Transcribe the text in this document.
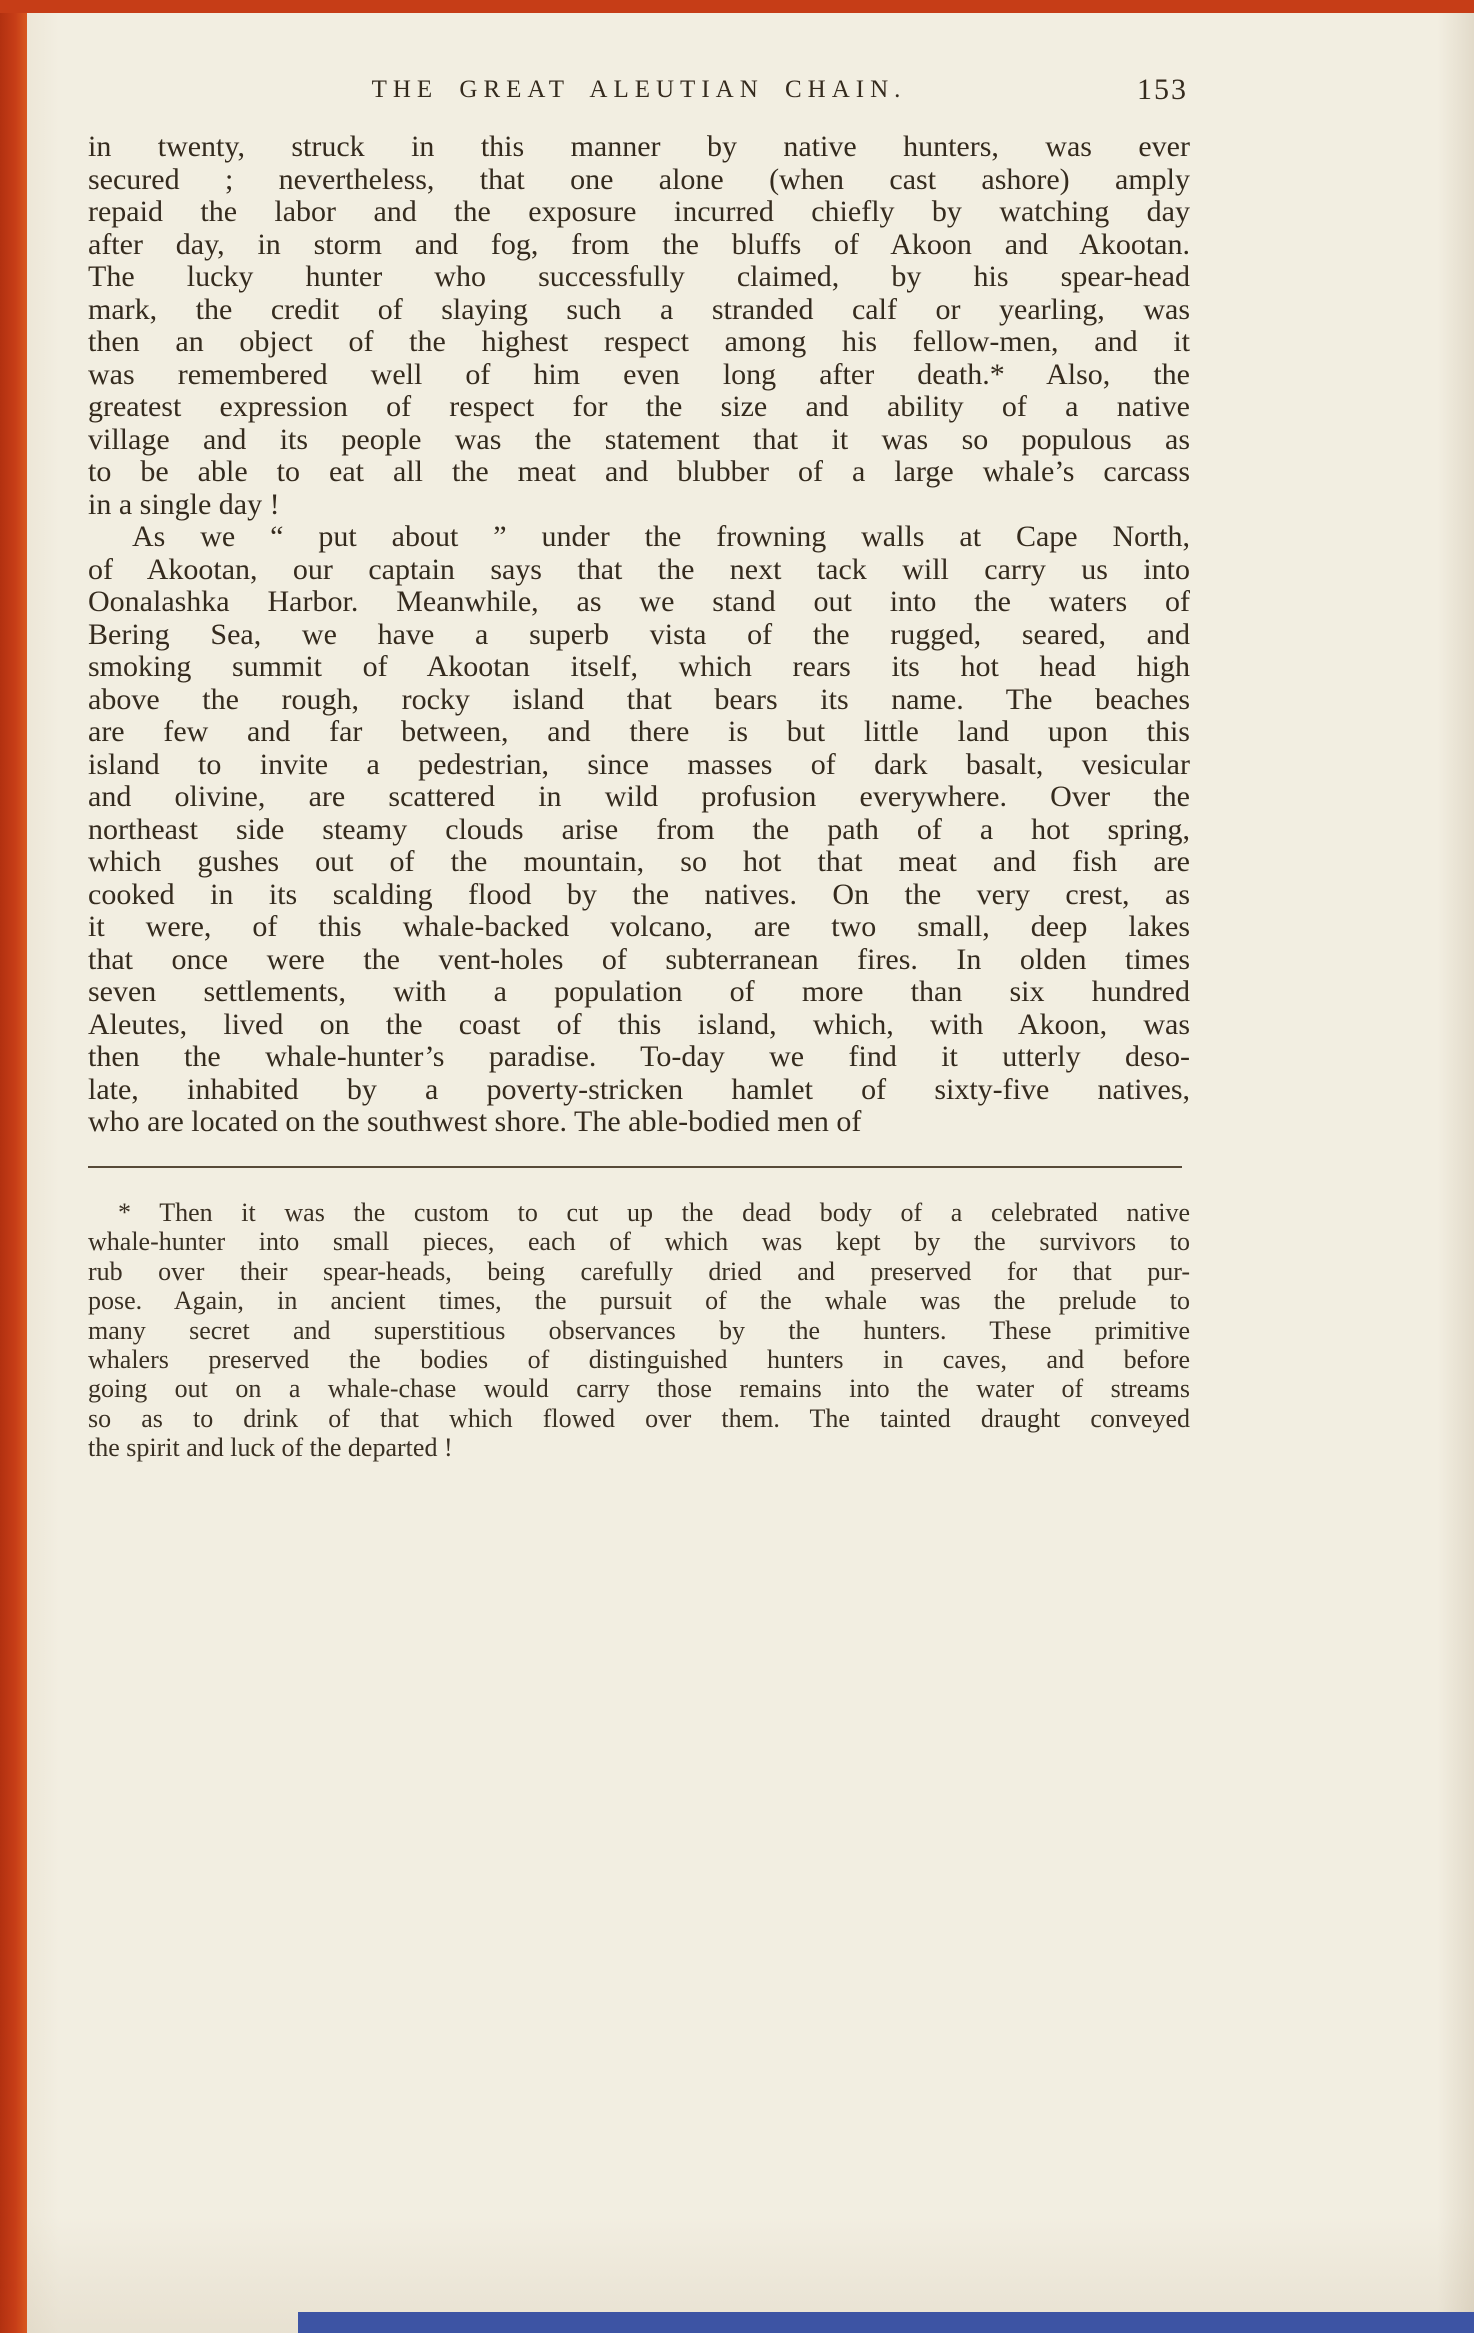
THE GREAT ALEUTIAN CHAIN.	153
in twenty, struck in this manner by native hunters, was ever
secured ; nevertheless, that one alone (when cast ashore) amply
repaid the labor and the exposure incurred chiefly by watching day
after day, in storm and fog, from the bluffs of Akoon and Akootan.
The lucky hunter who successfully claimed, by his spear-head
mark, the credit of slaying such a stranded calf or yearling, was
then an object of the highest respect among his fellow-men, and it
was remembered well of him even long after death.* Also, the
greatest expression of respect for the size and ability of a native
village and its people was the statement that it was so populous as
to be able to eat all the meat and blubber of a large whale’s carcass
in a single day !
As we “ put about ” under the frowning walls at Cape North,
of Akootan, our captain says that the next tack will carry us into
Oonalashka Harbor. Meanwhile, as we stand out into the waters of
Bering Sea, we have a superb vista of the rugged, seared, and
smoking summit of Akootan itself, which rears its hot head high
above the rough, rocky island that bears its name. The beaches
are few and far between, and there is but little land upon this
island to invite a pedestrian, since masses of dark basalt, vesicular
and olivine, are scattered in wild profusion everywhere. Over the
northeast side steamy clouds arise from the path of a hot spring,
which gushes out of the mountain, so hot that meat and fish are
cooked in its scalding flood by the natives. On the very crest, as
it were, of this whale-backed volcano, are two small, deep lakes
that once were the vent-holes of subterranean fires. In olden times
seven settlements, with a population of more than six hundred
Aleutes, lived on the coast of this island, which, with Akoon, was
then the whale-hunter’s paradise. To-day we find it utterly deso-
late, inhabited by a poverty-stricken hamlet of sixty-five natives,
who are located on the southwest shore. The able-bodied men of
* Then it was the custom to cut up the dead body of a celebrated native
whale-hunter into small pieces, each of which was kept by the survivors to
rub over their spear-heads, being carefully dried and preserved for that pur-
pose. Again, in ancient times, the pursuit of the whale was the prelude to
many secret and superstitious observances by the hunters. These primitive
whalers preserved the bodies of distinguished hunters in caves, and before
going out on a whale-chase would carry those remains into the water of streams
so as to drink of that which flowed over them. The tainted draught conveyed
the spirit and luck of the departed !
